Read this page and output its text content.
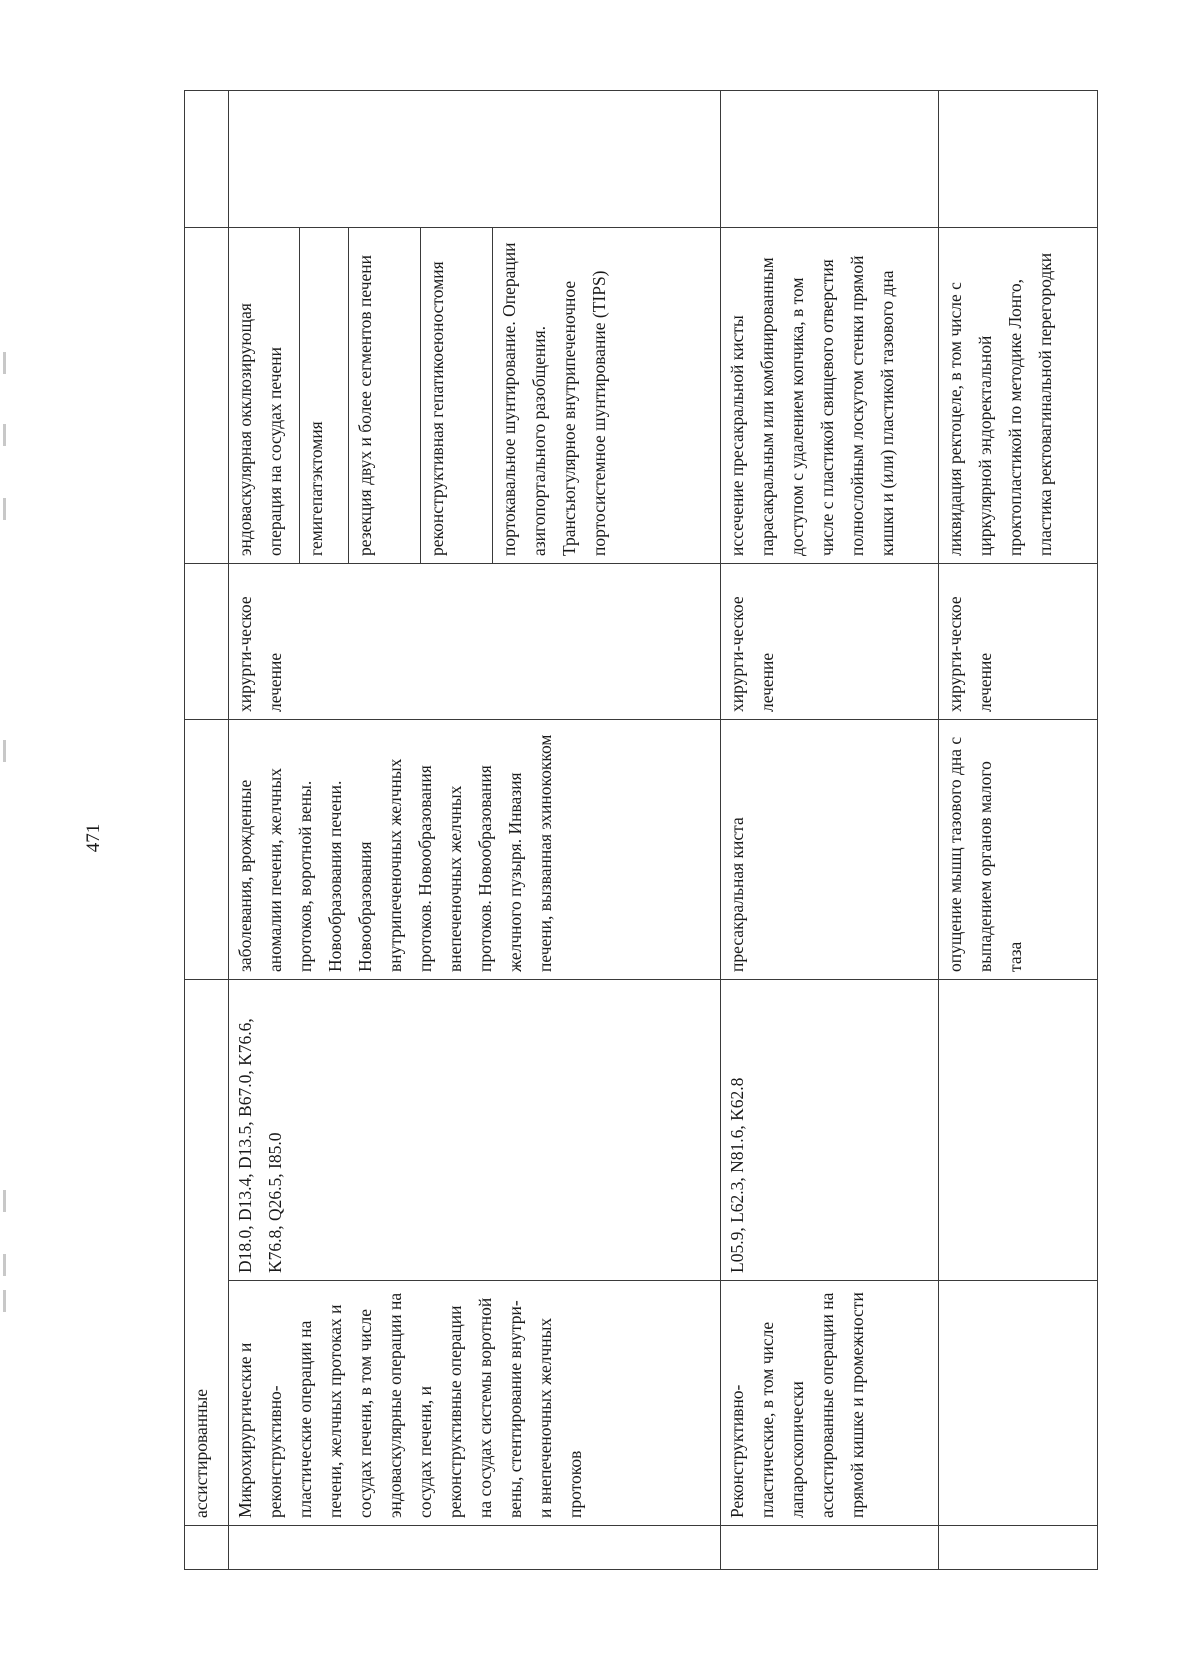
471

ассистированные Микрохирургические и реконструктивно-пластические операции на печени, желчных протоках и сосудах печени, в том числе эндоваскулярные операции на сосудах печени, и реконструктивные операции на сосудах системы воротной вены, стентирование внутри- и внепеченочных желчных протоков

D18.0, D13.4, D13.5, B67.0, K76.6, K76.8, Q26.5, I85.0

заболевания, врожденные аномалии печени, желчных протоков, воротной вены. Новообразования печени. Новообразования внутрипеченочных желчных протоков. Новообразования внепеченочных желчных протоков. Новообразования желчного пузыря. Инвазия печени, вызванная эхинококком

хирурги-ческое лечение

эндоваскулярная окклюзирующая операция на сосудах печени гемигепатэктомия резекция двух и более сегментов печени	реконструктивная гепатикоеюностомия	портокавальное шунтирование. Операции азигопортального разобщения. Трансъюгулярное внутрипеченочное портосистемное шунтирование (TIPS)

Реконструктивно-пластические, в том числе лапароскопически ассистированные операции на прямой кишке и промежности

L05.9, L62.3, N81.6, K62.8

пресакральная киста

хирурги-ческое лечение

иссечение пресакральной кисты парасакральным или комбинированным доступом с удалением копчика, в том числе с пластикой свищевого отверстия полнослойным лоскутом стенки прямой кишки и (или) пластикой тазового дна

опущение мышц тазового дна с выпадением органов малого таза

хирурги-ческое лечение

ликвидация ректоцеле, в том числе с циркулярной эндоректальной проктопластикой по методике Лонго, пластика ректовагинальной перегородки
